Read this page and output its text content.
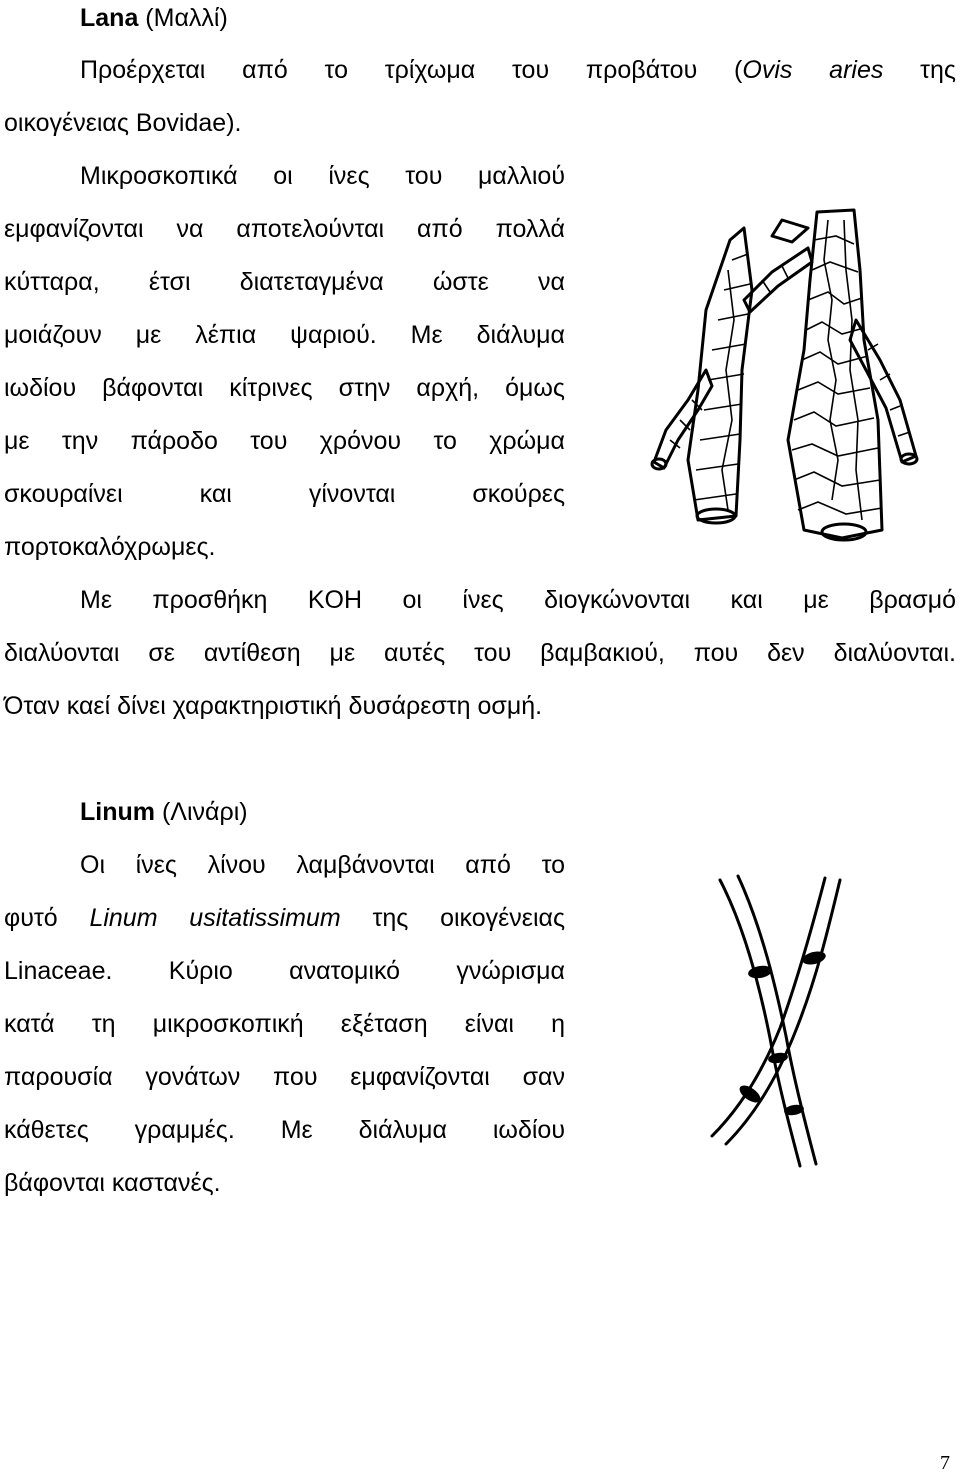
Lana (Μαλλί)
Προέρχεται από το τρίχωμα του προβάτου (Ovis aries της
οικογένειας Bovidae).
Μικροσκοπικά οι ίνες του μαλλιού
εμφανίζονται να αποτελούνται από πολλά
κύτταρα, έτσι διατεταγμένα ώστε να
μοιάζουν με λέπια ψαριού. Με διάλυμα
ιωδίου βάφονται κίτρινες στην αρχή, όμως
με την πάροδο του χρόνου το χρώμα
σκουραίνει και γίνονται σκούρες
πορτοκαλόχρωμες.
Με προσθήκη KOH οι ίνες διογκώνονται και με βρασμό
διαλύονται σε αντίθεση με αυτές του βαμβακιού, που δεν διαλύονται.
Όταν καεί δίνει χαρακτηριστική δυσάρεστη οσμή.
Linum (Λινάρι)
Οι ίνες λίνου λαμβάνονται από το
φυτό Linum usitatissimum της οικογένειας
Linaceae. Κύριο ανατομικό γνώρισμα
κατά τη μικροσκοπική εξέταση είναι η
παρουσία γονάτων που εμφανίζονται σαν
κάθετες γραμμές. Με διάλυμα ιωδίου
βάφονται καστανές.
7
